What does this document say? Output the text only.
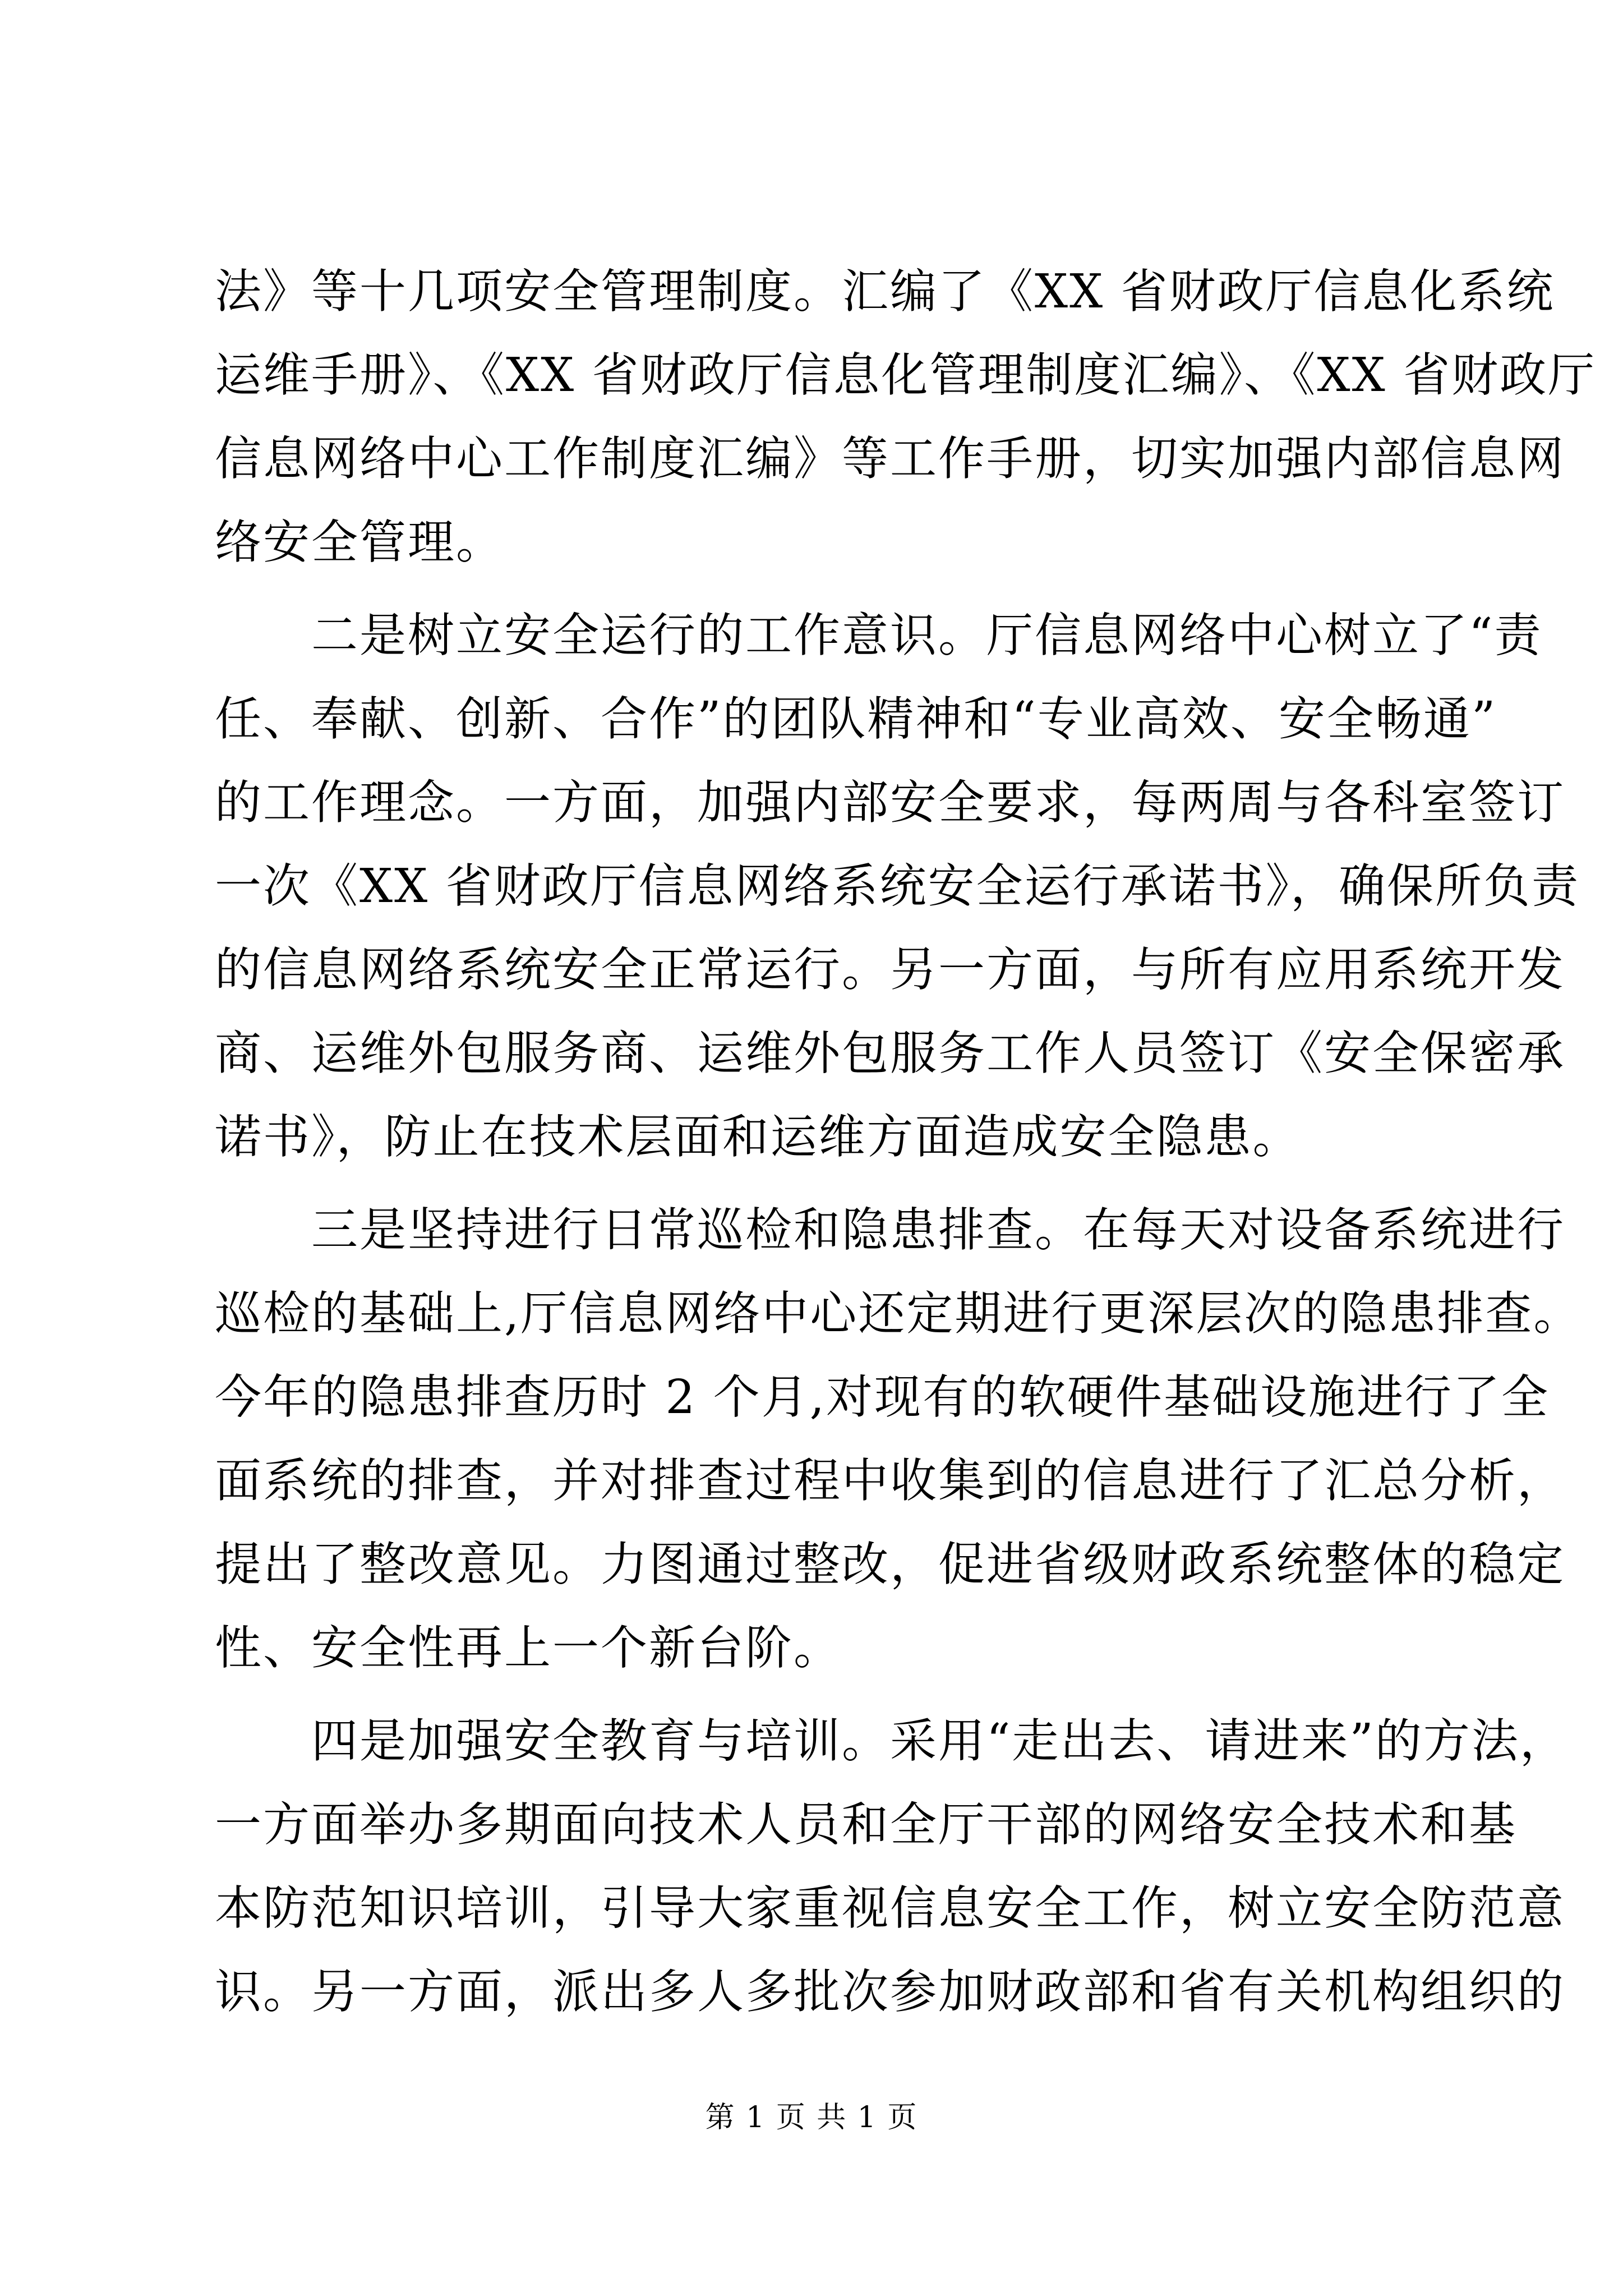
法》等十几项安全管理制度。汇编了《XX 省财政厅信息化系统
运维手册》、《XX 省财政厅信息化管理制度汇编》、《XX 省财政厅
信息网络中心工作制度汇编》等工作手册，切实加强内部信息网
络安全管理。
　　二是树立安全运行的工作意识。厅信息网络中心树立了“责
任、奉献、创新、合作”的团队精神和“专业高效、安全畅通”
的工作理念。一方面，加强内部安全要求，每两周与各科室签订
一次《XX 省财政厅信息网络系统安全运行承诺书》，确保所负责
的信息网络系统安全正常运行。另一方面，与所有应用系统开发
商、运维外包服务商、运维外包服务工作人员签订《安全保密承
诺书》，防止在技术层面和运维方面造成安全隐患。
　　三是坚持进行日常巡检和隐患排查。在每天对设备系统进行
巡检的基础上,厅信息网络中心还定期进行更深层次的隐患排查。
今年的隐患排查历时 2 个月,对现有的软硬件基础设施进行了全
面系统的排查，并对排查过程中收集到的信息进行了汇总分析，
提出了整改意见。力图通过整改，促进省级财政系统整体的稳定
性、安全性再上一个新台阶。
　　四是加强安全教育与培训。采用“走出去、请进来”的方法，
一方面举办多期面向技术人员和全厅干部的网络安全技术和基
本防范知识培训，引导大家重视信息安全工作，树立安全防范意
识。另一方面，派出多人多批次参加财政部和省有关机构组织的
第 1 页 共 1 页
